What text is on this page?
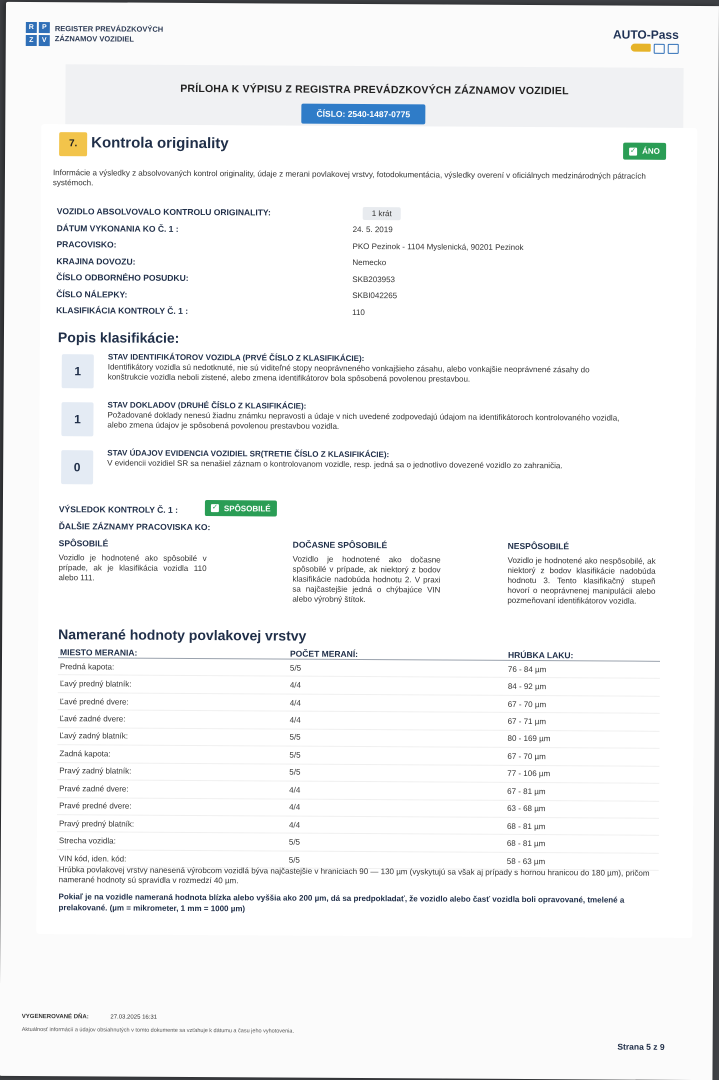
R	P
Z	V
REGISTER PREVÁDZKOVÝCH
ZÁZNAMOV VOZIDIEL	AUTO-Pass
PRÍLOHA K VÝPISU Z REGISTRA PREVÁDZKOVÝCH ZÁZNAMOV VOZIDIEL
ČÍSLO: 2540-1487-0775
7. Kontrola originality	✓ ÁNO
Informácie a výsledky z absolvovaných kontrol originality, údaje z merani povlakovej vrstvy, fotodokumentácia, výsledky overení v oficiálnych medzinárodných pátracích systémoch.
VOZIDLO ABSOLVOVALO KONTROLU ORIGINALITY:	1 krát
DÁTUM VYKONANIA KO Č. 1 :	24. 5. 2019
PRACOVISKO:	PKO Pezinok - 1104 Myslenická, 90201 Pezinok
KRAJINA DOVOZU:	Nemecko
ČÍSLO ODBORNÉHO POSUDKU:	SKB203953
ČÍSLO NÁLEPKY:	SKBI042265
KLASIFIKÁCIA KONTROLY Č. 1 :	110
Popis klasifikácie:
1
STAV IDENTIFIKÁTOROV VOZIDLA (PRVÉ ČÍSLO Z KLASIFIKÁCIE):
Identifikátory vozidla sú nedotknuté, nie sú viditeľné stopy neoprávneného vonkajšieho zásahu, alebo vonkajšie neoprávnené zásahy do konštrukcie vozidla neboli zistené, alebo zmena identifikátorov bola spôsobená povolenou prestavbou.
1
STAV DOKLADOV (DRUHÉ ČÍSLO Z KLASIFIKÁCIE):
Požadované doklady nenesú žiadnu známku nepravosti a údaje v nich uvedené zodpovedajú údajom na identifikátoroch kontrolovaného vozidla, alebo zmena údajov je spôsobená povolenou prestavbou vozidla.
0
STAV ÚDAJOV EVIDENCIA VOZIDIEL SR(TRETIE ČÍSLO Z KLASIFIKÁCIE):
V evidencii vozidiel SR sa nenašiel záznam o kontrolovanom vozidle, resp. jedná sa o jednotlivo dovezené vozidlo zo zahraničia.
VÝSLEDOK KONTROLY Č. 1 :	✓ SPÔSOBILÉ
ĎALŠIE ZÁZNAMY PRACOVISKA KO:
SPÔSOBILÉ

Vozidlo je hodnotené ako spôsobilé v prípade, ak je klasifikácia vozidla 110 alebo 111.

DOČASNE SPÔSOBILÉ

Vozidlo je hodnotené ako dočasne spôsobilé v prípade, ak niektorý z bodov klasifikácie nadobúda hodnotu 2. V praxi sa najčastejšie jedná o chýbajúce VIN alebo výrobný štítok.

NESPÔSOBILÉ

Vozidlo je hodnotené ako nespôsobilé, ak niektorý z bodov klasifikácie nadobúda hodnotu 3. Tento klasifikačný stupeň hovorí o neoprávnenej manipulácii alebo pozmeňovaní identifikátorov vozidla.

Namerané hodnoty povlakovej vrstvy
MIESTO MERANIA:	POČET MERANÍ:	HRÚBKA LAKU:
Predná kapota:	5/5	76 - 84 µm
Ľavý predný blatník:	4/4	84 - 92 µm
Ľavé predné dvere:	4/4	67 - 70 µm
Ľavé zadné dvere:	4/4	67 - 71 µm
Ľavý zadný blatník:	5/5	80 - 169 µm
Zadná kapota:	5/5	67 - 70 µm
Pravý zadný blatník:	5/5	77 - 106 µm
Pravé zadné dvere:	4/4	67 - 81 µm
Pravé predné dvere:	4/4	63 - 68 µm
Pravý predný blatník:	4/4	68 - 81 µm
Strecha vozidla:	5/5	68 - 81 µm
VIN kód, iden. kód:	5/5	58 - 63 µm
Hrúbka povlakovej vrstvy nanesená výrobcom vozidlá býva najčastejšie v hraniciach 90 — 130 µm (vyskytujú sa však aj prípady s hornou hranicou do 180 µm), pričom namerané hodnoty sú spravidla v rozmedzí 40 µm.
Pokiaľ je na vozidle nameraná hodnota blízka alebo vyššia ako 200 µm, dá sa predpokladať, že vozidlo alebo časť vozidla boli opravované, tmelené a prelakované. (µm = mikrometer, 1 mm = 1000 µm)
VYGENEROVANÉ DŇA:	27.03.2025 16:31
Aktuálnosť informácií a údajov obsiahnutých v tomto dokumente sa vzťahuje k dátumu a času jeho vyhotovenia.
Strana 5 z 9
